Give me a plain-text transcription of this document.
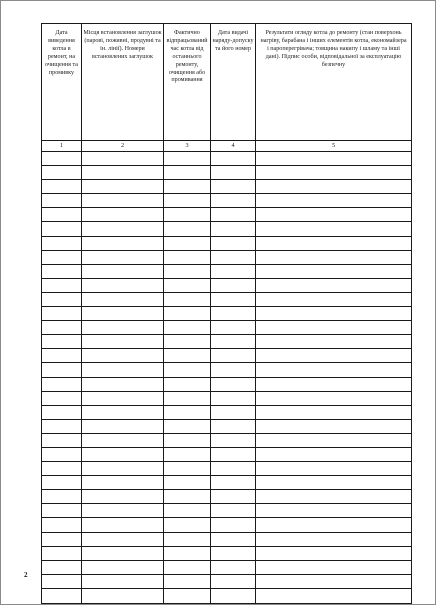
Дата виведення котла в ремонт, на очищення та промивку	Місця встановлення заглушок (парові, поживні, продувні та ін. лінії). Номери встановлених заглушок	Фактично відпрацьований час котла від останнього ремонту, очищення або промивання	Дата видачі наряду-допуску та його номер	Результати огляду котла до ремонту (стан поверхонь нагріву, барабана і інших елементів котла, економайзера і пароперегрівача; товщина накипу і шламу та інші дані). Підпис особи, відповідальної за експлуатацію безпечну

1	2	3	4	5

2
